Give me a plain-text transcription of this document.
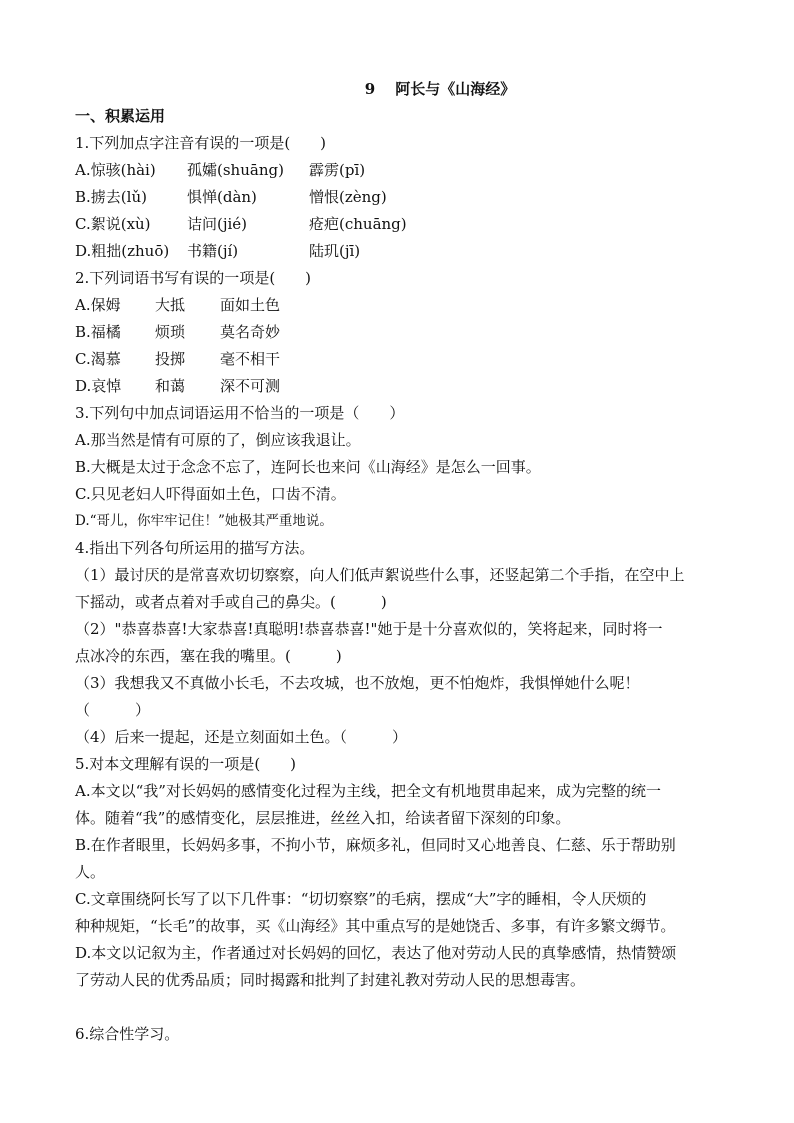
9 阿长与《山海经》
一、积累运用
1.下列加点字注音有误的一项是(　　)
A.惊骇(hài)	孤孀(shuāng)	霹雳(pī)
B.掳去(lǔ)	惧惮(dàn)	憎恨(zèng)
C.絮说(xù)	诘问(jié)	疮疤(chuāng)
D.粗拙(zhuō)	书籍(jí)	陆玑(jī)
2.下列词语书写有误的一项是(　　)
A.保姆	大抵	面如土色
B.福橘	烦琐	莫名奇妙
C.渴慕	投掷	毫不相干
D.哀悼	和蔼	深不可测
3.下列句中加点词语运用不恰当的一项是（　　）
A.那当然是情有可原的了，倒应该我退让。
B.大概是太过于念念不忘了，连阿长也来问《山海经》是怎么一回事。
C.只见老妇人吓得面如土色，口齿不清。
D.“哥儿，你牢牢记住！”她极其严重地说。
4.指出下列各句所运用的描写方法。
（1）最讨厌的是常喜欢切切察察，向人们低声絮说些什么事，还竖起第二个手指，在空中上
下摇动，或者点着对手或自己的鼻尖。(　　　)
（2）"恭喜恭喜!大家恭喜!真聪明!恭喜恭喜!"她于是十分喜欢似的，笑将起来，同时将一
点冰冷的东西，塞在我的嘴里。(　　　)
（3）我想我又不真做小长毛，不去攻城，也不放炮，更不怕炮炸，我惧惮她什么呢！
（　　　）
（4）后来一提起，还是立刻面如土色。（　　　）
5.对本文理解有误的一项是(　　)
A.本文以“我”对长妈妈的感情变化过程为主线，把全文有机地贯串起来，成为完整的统一
体。随着“我”的感情变化，层层推进，丝丝入扣，给读者留下深刻的印象。
B.在作者眼里，长妈妈多事，不拘小节，麻烦多礼，但同时又心地善良、仁慈、乐于帮助别
人。
C.文章围绕阿长写了以下几件事：“切切察察”的毛病，摆成“大”字的睡相，令人厌烦的
种种规矩，“长毛”的故事，买《山海经》其中重点写的是她饶舌、多事，有许多繁文缛节。
D.本文以记叙为主，作者通过对长妈妈的回忆，表达了他对劳动人民的真挚感情，热情赞颂
了劳动人民的优秀品质；同时揭露和批判了封建礼教对劳动人民的思想毒害。
6.综合性学习。
